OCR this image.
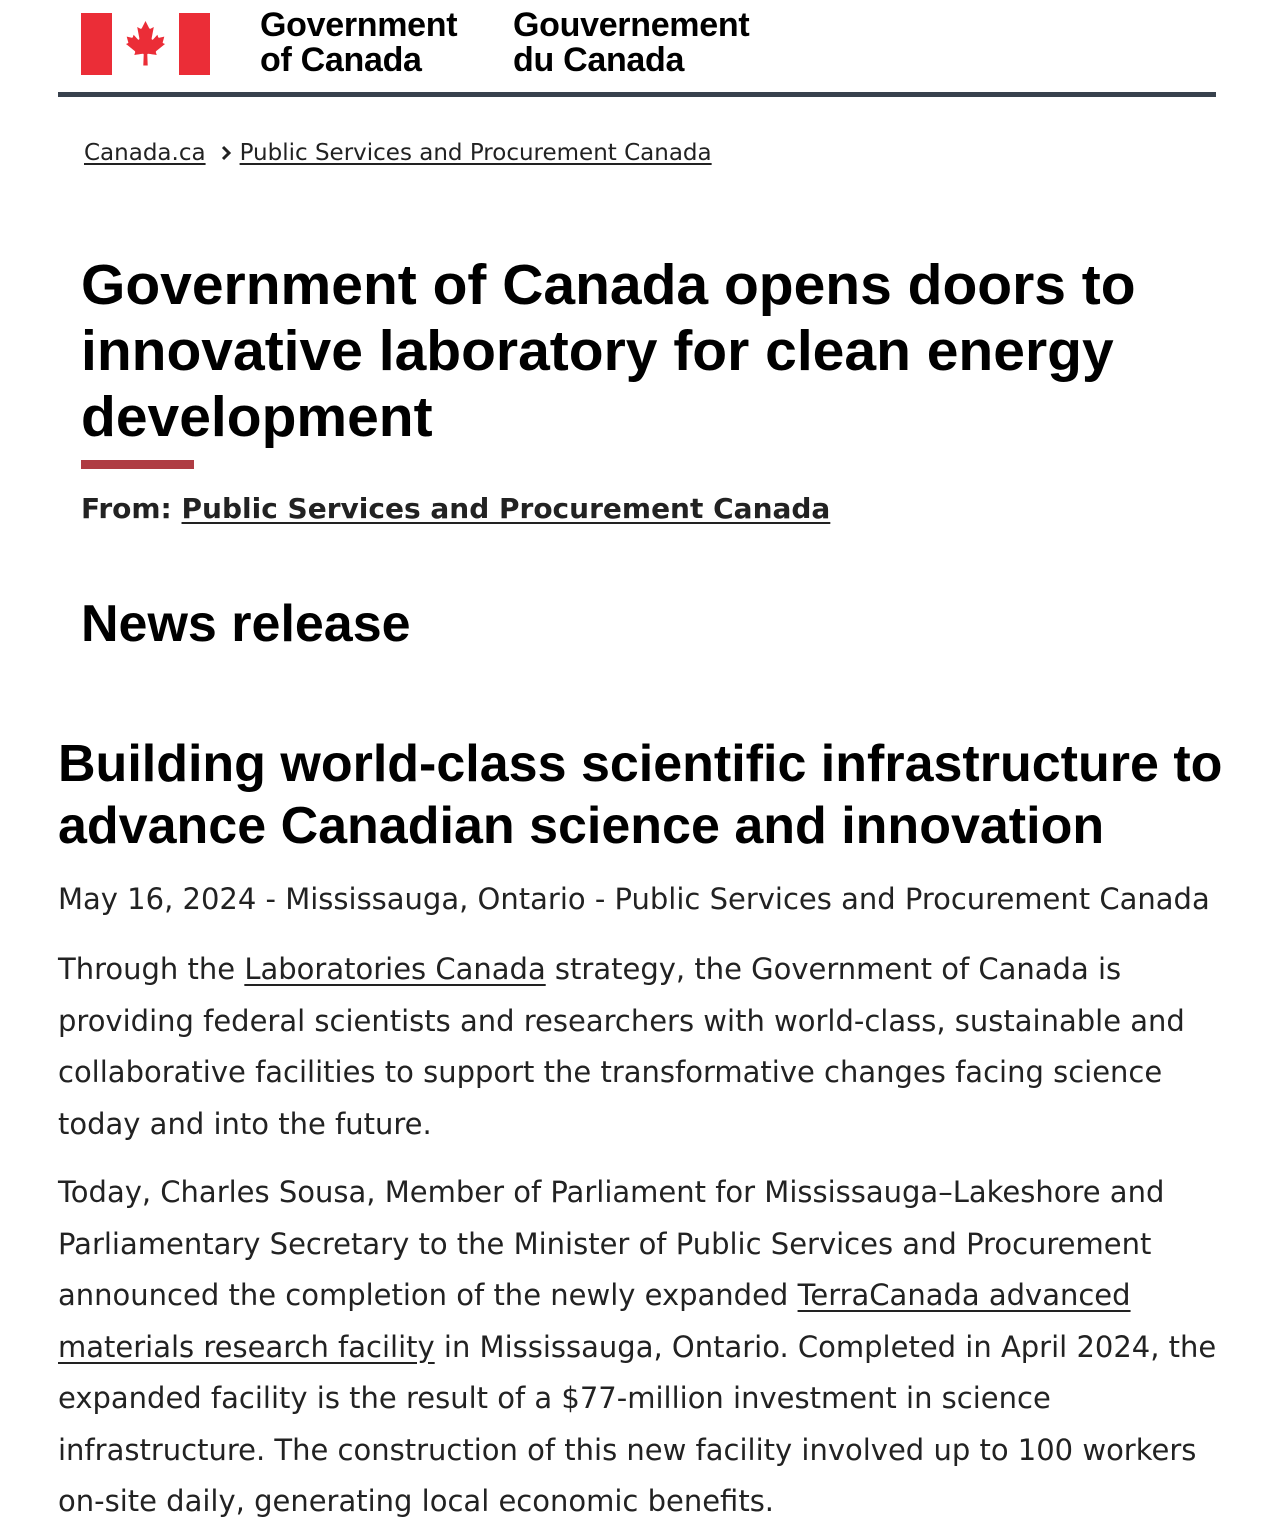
Government
of Canada
Gouvernement
du Canada
Canada.ca Public Services and Procurement Canada
Government of Canada opens doors to innovative laboratory for clean energy development
From: Public Services and Procurement Canada
News release
Building world-class scientific infrastructure to advance Canadian science and innovation

May 16, 2024 - Mississauga, Ontario - Public Services and Procurement Canada

Through the Laboratories Canada strategy, the Government of Canada is providing federal scientists and researchers with world-class, sustainable and collaborative facilities to support the transformative changes facing science today and into the future.

Today, Charles Sousa, Member of Parliament for Mississauga–Lakeshore and Parliamentary Secretary to the Minister of Public Services and Procurement announced the completion of the newly expanded TerraCanada advanced materials research facility in Mississauga, Ontario. Completed in April 2024, the expanded facility is the result of a $77-million investment in science infrastructure. The construction of this new facility involved up to 100 workers on-site daily, generating local economic benefits.
